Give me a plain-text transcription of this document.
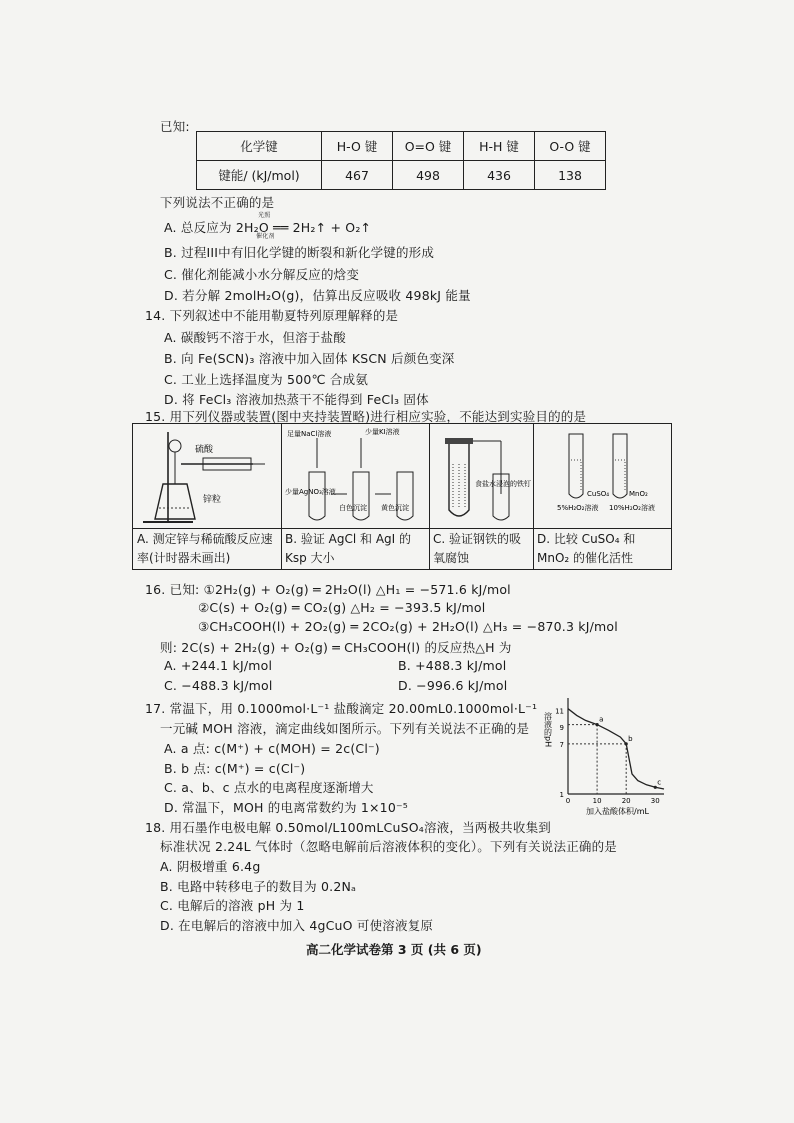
已知:
化学键	H-O 键	O=O 键	H-H 键	O-O 键
键能/ (kJ/mol)	467	498	436	138
下列说法不正确的是
A. 总反应为 2H₂O ══ 2H₂↑ + O₂↑
光照
催化剂
B. 过程III中有旧化学键的断裂和新化学键的形成
C. 催化剂能减小水分解反应的焓变
D. 若分解 2molH₂O(g)，估算出反应吸收 498kJ 能量
14. 下列叙述中不能用勒夏特列原理解释的是
A. 碳酸钙不溶于水，但溶于盐酸
B. 向 Fe(SCN)₃ 溶液中加入固体 KSCN 后颜色变深
C. 工业上选择温度为 500℃ 合成氨
D. 将 FeCl₃ 溶液加热蒸干不能得到 FeCl₃ 固体
15. 用下列仪器或装置(图中夹持装置略)进行相应实验，不能达到实验目的的是
硫酸
锌粒
A. 测定锌与稀硫酸反应速率(计时器未画出)
足量NaCl溶液	少量KI溶液
少量AgNO₃溶液
白色沉淀 黄色沉淀
B. 验证 AgCl 和 AgI 的 Ksp 大小
食盐水浸泡的铁钉
C. 验证钢铁的吸氧腐蚀
CuSO₄	MnO₂
5%H₂O₂溶液 10%H₂O₂溶液
D. 比较 CuSO₄ 和 MnO₂ 的催化活性
16. 已知: ①2H₂(g) + O₂(g) ═ 2H₂O(l) △H₁ = −571.6 kJ/mol
②C(s) + O₂(g) ═ CO₂(g) △H₂ = −393.5 kJ/mol
③CH₃COOH(l) + 2O₂(g) ═ 2CO₂(g) + 2H₂O(l) △H₃ = −870.3 kJ/mol
则: 2C(s) + 2H₂(g) + O₂(g) ═ CH₃COOH(l) 的反应热△H 为
A. +244.1 kJ/mol	B. +488.3 kJ/mol
C. −488.3 kJ/mol	D. −996.6 kJ/mol
17. 常温下，用 0.1000mol·L⁻¹ 盐酸滴定 20.00mL0.1000mol·L⁻¹
一元碱 MOH 溶液，滴定曲线如图所示。下列有关说法不正确的是
A. a 点: c(M⁺) + c(MOH) = 2c(Cl⁻)
B. b 点: c(M⁺) = c(Cl⁻)
C. a、b、c 点水的电离程度逐渐增大
D. 常温下，MOH 的电离常数约为 1×10⁻⁵
溶液的pH
加入盐酸体积/mL
1
7
9
11
0	10	20	30
a
b
c
18. 用石墨作电极电解 0.50mol/L100mLCuSO₄溶液，当两极共收集到
标准状况 2.24L 气体时（忽略电解前后溶液体积的变化）。下列有关说法正确的是
A. 阴极增重 6.4g
B. 电路中转移电子的数目为 0.2Nₐ
C. 电解后的溶液 pH 为 1
D. 在电解后的溶液中加入 4gCuO 可使溶液复原
高二化学试卷第 3 页 (共 6 页)
